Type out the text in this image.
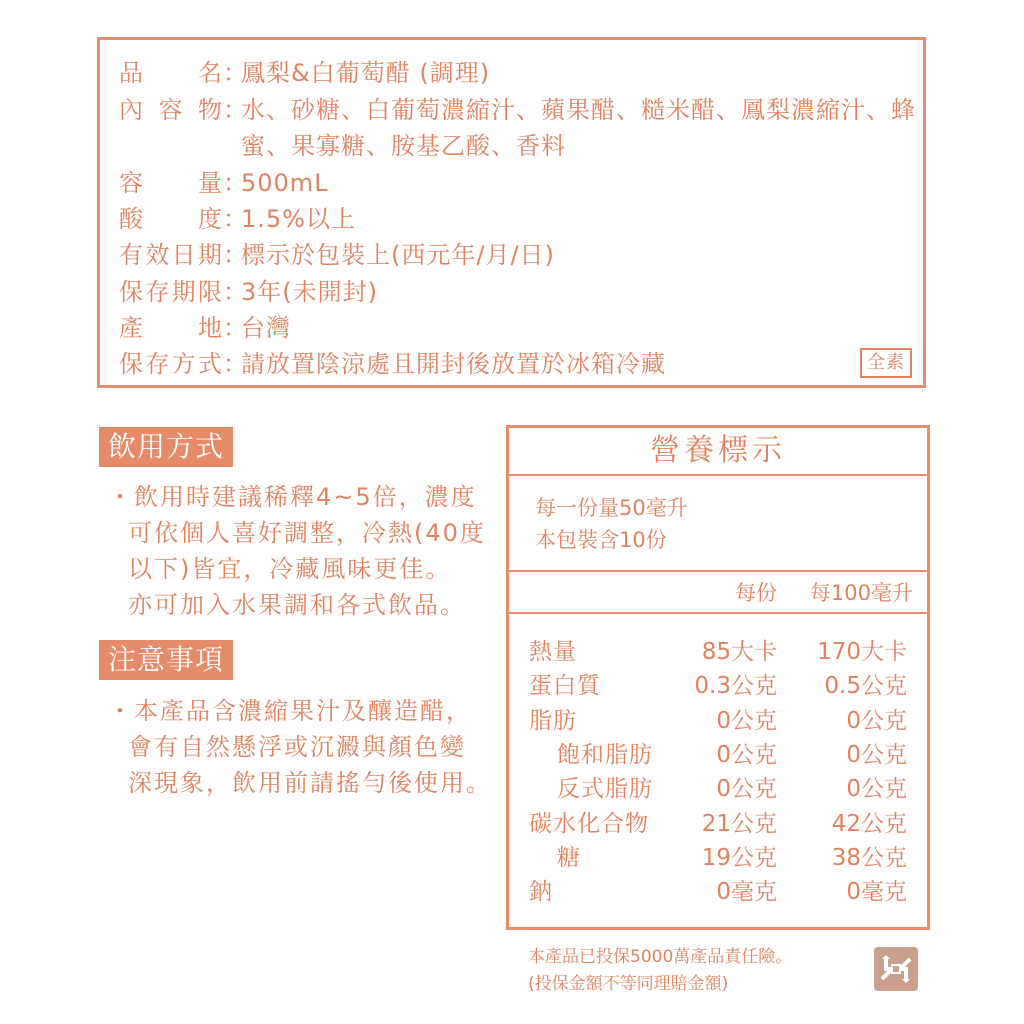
品 名 ：
鳳梨&白葡萄醋 (調理)
內 容 物 ：
水、砂糖、白葡萄濃縮汁、蘋果醋、糙米醋、鳳梨濃縮汁、蜂
蜜、果寡糖、胺基乙酸、香料
容 量 ：
500mL
酸 度 ：
1.5%以上
有 效 日 期 ：
標示於包裝上(西元年/月/日)
保 存 期 限 ：
3年(未開封)
產 地 ：
台灣
保 存 方 式 ：
請放置陰涼處且開封後放置於冰箱冷藏	全素
飲用方式
・飲用時建議稀釋4~5倍，濃度
可依個人喜好調整，冷熱(40度
以下)皆宜，冷藏風味更佳。
亦可加入水果調和各式飲品。
注意事項
・本產品含濃縮果汁及釀造醋，
會有自然懸浮或沉澱與顏色變
深現象，飲用前請搖勻後使用。
營養標示
每一份量50毫升
本包裝含10份
每份 每100毫升
熱量	85大卡 170大卡
蛋白質	0.3公克 0.5公克
脂肪	0公克	0公克
飽和脂肪	0公克	0公克
反式脂肪	0公克	0公克
碳水化合物 21公克 42公克
糖	19公克 38公克
鈉	0毫克	0毫克
本產品已投保5000萬產品責任險。
(投保金額不等同理賠金額)
